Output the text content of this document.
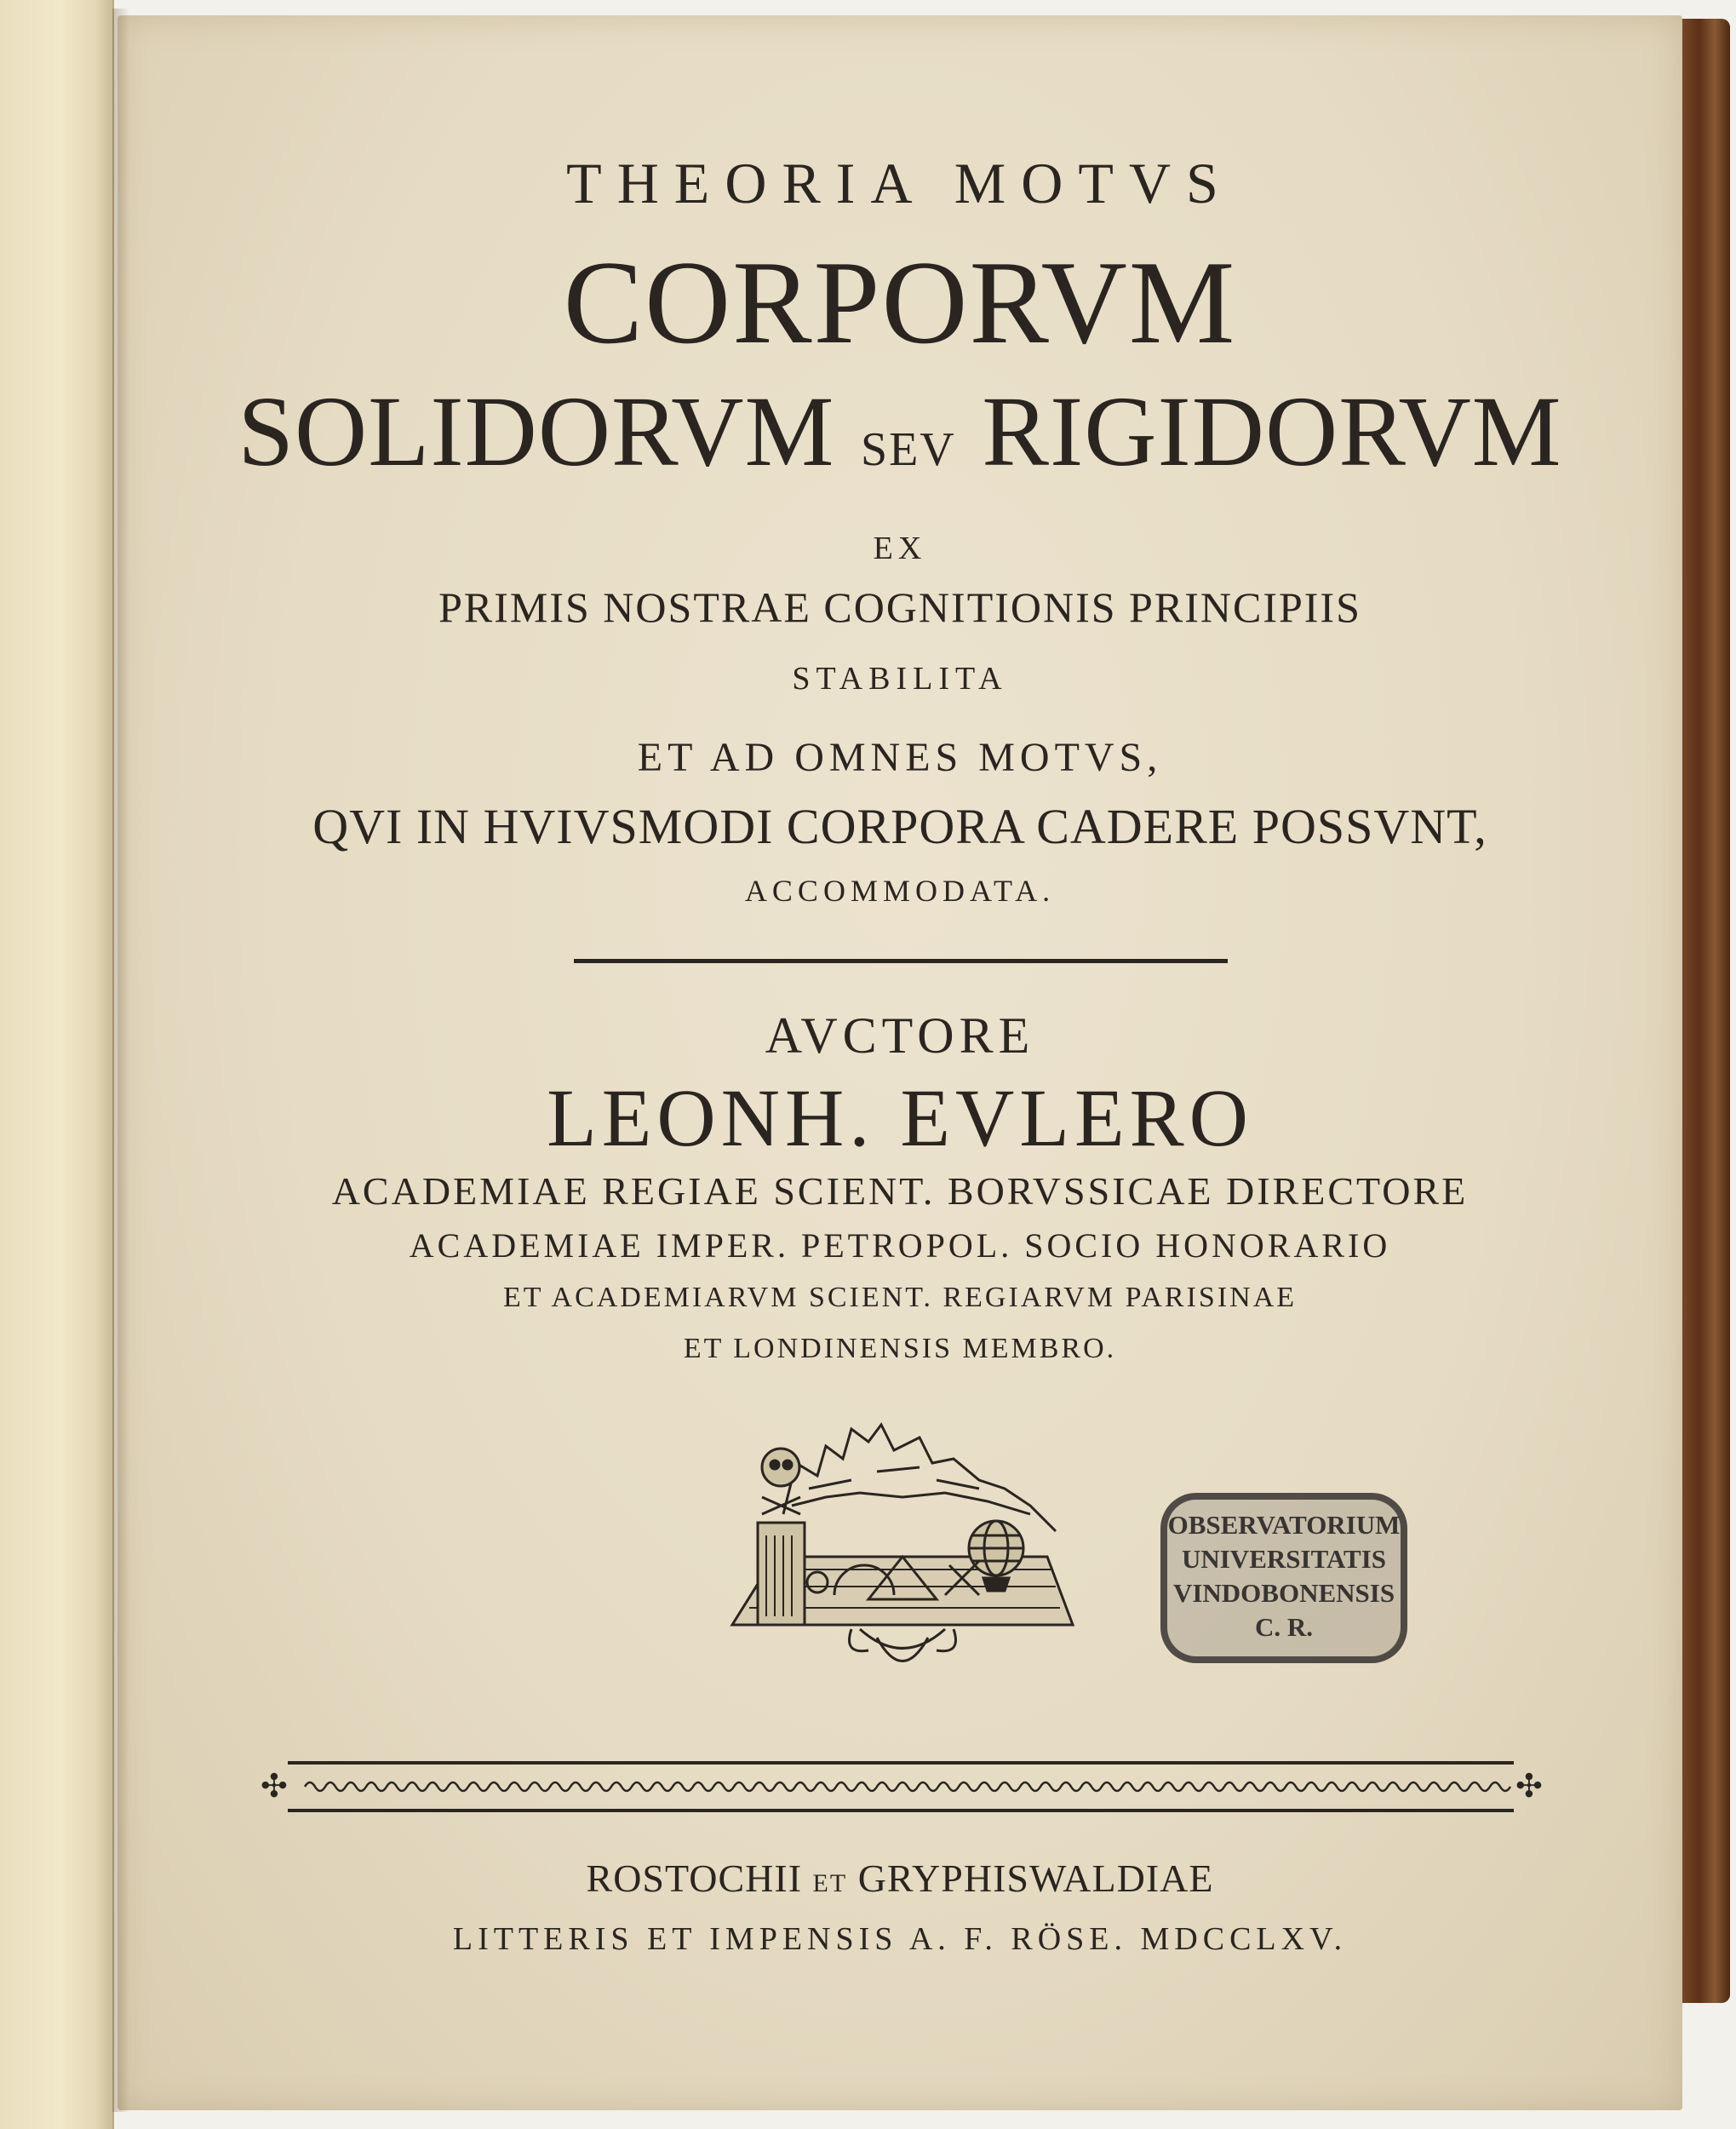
THEORIA MOTVS
CORPORVM
SOLIDORVM SEV RIGIDORVM
EX
PRIMIS NOSTRAE COGNITIONIS PRINCIPIIS
STABILITA
ET AD OMNES MOTVS,
QVI IN HVIVSMODI CORPORA CADERE POSSVNT,
ACCOMMODATA.
AVCTORE
LEONH. EVLERO
ACADEMIAE REGIAE SCIENT. BORVSSICAE DIRECTORE
ACADEMIAE IMPER. PETROPOL. SOCIO HONORARIO
ET ACADEMIARVM SCIENT. REGIARVM PARISINAE
ET LONDINENSIS MEMBRO.
OBSERVATORIUM
UNIVERSITATIS
VINDOBONENSIS
C. R.
✣	✣
ROSTOCHII ET GRYPHISWALDIAE
LITTERIS ET IMPENSIS A. F. RÖSE. MDCCLXV.
